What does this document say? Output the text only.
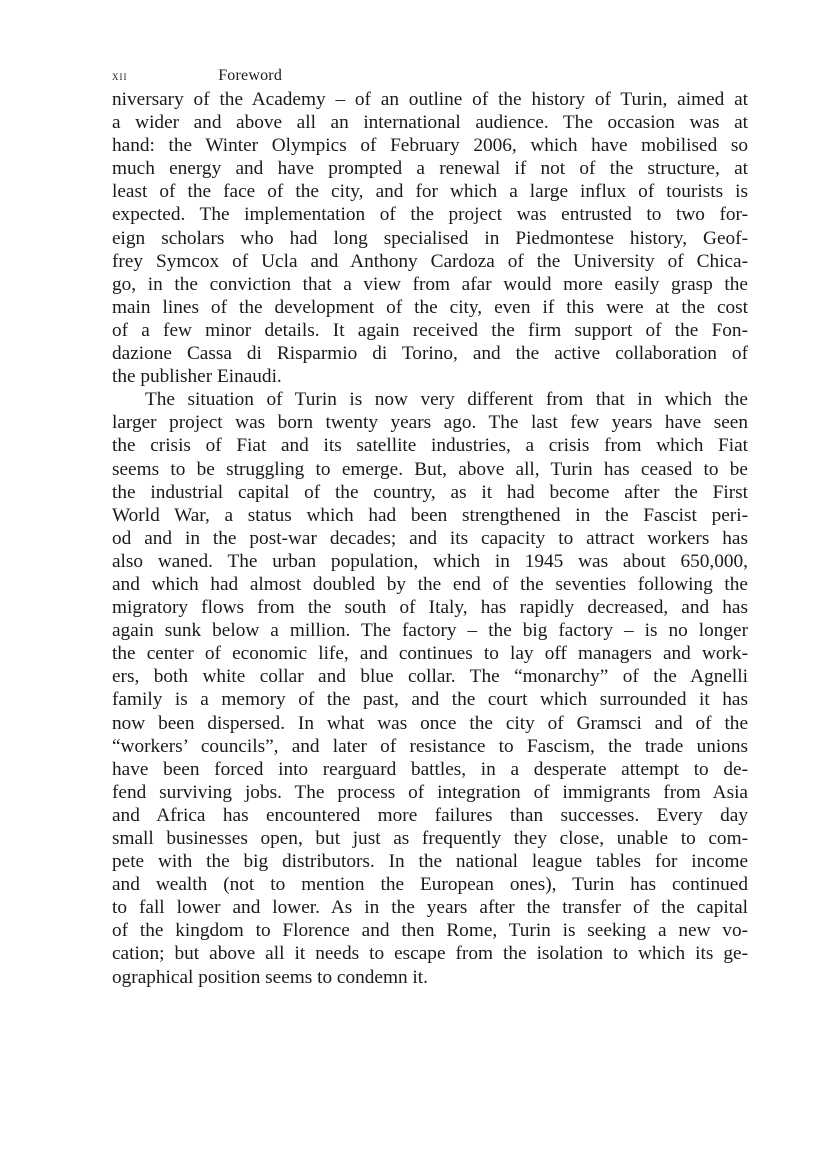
xii	Foreword
niversary of the Academy – of an outline of the history of Turin, aimed at
a wider and above all an international audience. The occasion was at
hand: the Winter Olympics of February 2006, which have mobilised so
much energy and have prompted a renewal if not of the structure, at
least of the face of the city, and for which a large influx of tourists is
expected. The implementation of the project was entrusted to two for-
eign scholars who had long specialised in Piedmontese history, Geof-
frey Symcox of Ucla and Anthony Cardoza of the University of Chica-
go, in the conviction that a view from afar would more easily grasp the
main lines of the development of the city, even if this were at the cost
of a few minor details. It again received the firm support of the Fon-
dazione Cassa di Risparmio di Torino, and the active collaboration of
the publisher Einaudi.
The situation of Turin is now very different from that in which the
larger project was born twenty years ago. The last few years have seen
the crisis of Fiat and its satellite industries, a crisis from which Fiat
seems to be struggling to emerge. But, above all, Turin has ceased to be
the industrial capital of the country, as it had become after the First
World War, a status which had been strengthened in the Fascist peri-
od and in the post-war decades; and its capacity to attract workers has
also waned. The urban population, which in 1945 was about 650,000,
and which had almost doubled by the end of the seventies following the
migratory flows from the south of Italy, has rapidly decreased, and has
again sunk below a million. The factory – the big factory – is no longer
the center of economic life, and continues to lay off managers and work-
ers, both white collar and blue collar. The “monarchy” of the Agnelli
family is a memory of the past, and the court which surrounded it has
now been dispersed. In what was once the city of Gramsci and of the
“workers’ councils”, and later of resistance to Fascism, the trade unions
have been forced into rearguard battles, in a desperate attempt to de-
fend surviving jobs. The process of integration of immigrants from Asia
and Africa has encountered more failures than successes. Every day
small businesses open, but just as frequently they close, unable to com-
pete with the big distributors. In the national league tables for income
and wealth (not to mention the European ones), Turin has continued
to fall lower and lower. As in the years after the transfer of the capital
of the kingdom to Florence and then Rome, Turin is seeking a new vo-
cation; but above all it needs to escape from the isolation to which its ge-
ographical position seems to condemn it.
